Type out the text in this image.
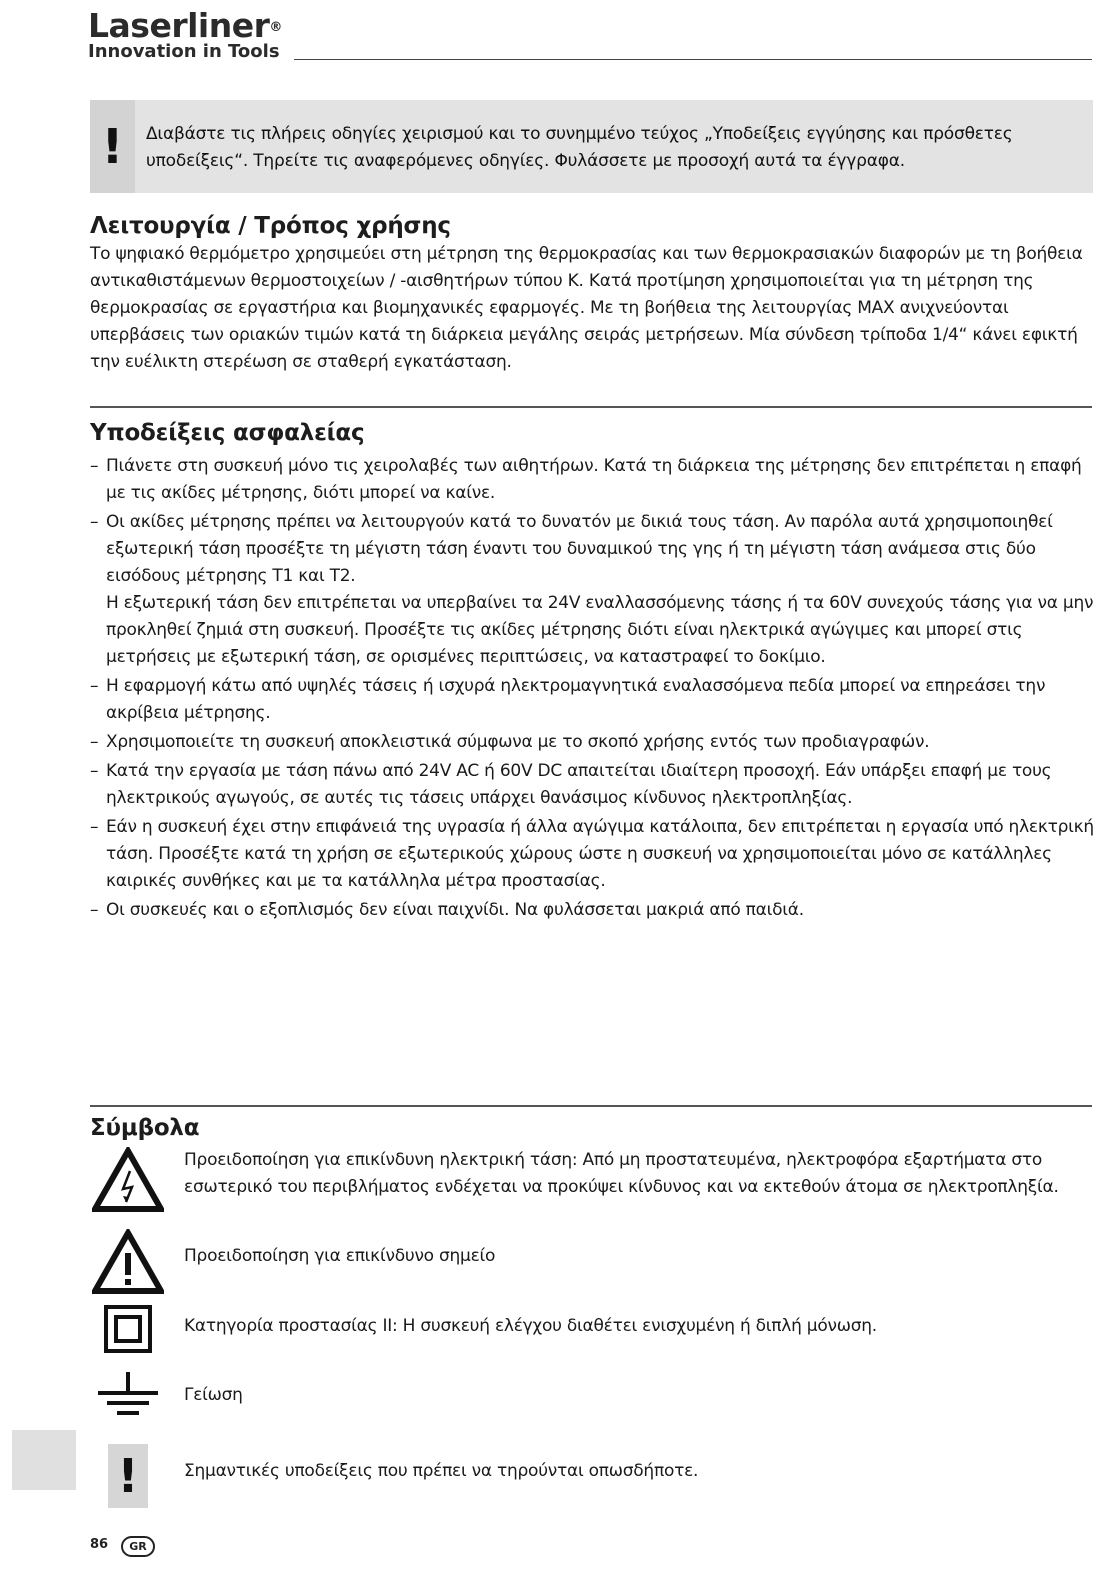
Laserliner®
Innovation in Tools
!	Διαβάστε τις πλήρεις οδηγίες χειρισμού και το συνημμένο τεύχος „Υποδείξεις εγγύησης και πρόσθετες υποδείξεις“. Τηρείτε τις αναφερόμενες οδηγίες. Φυλάσσετε με προσοχή αυτά τα έγγραφα.
Λειτουργία / Τρόπος χρήσης
Το ψηφιακό θερμόμετρο χρησιμεύει στη μέτρηση της θερμοκρασίας και των θερμοκρασιακών διαφορών με τη βοήθεια αντικαθιστάμενων θερμοστοιχείων / -αισθητήρων τύπου K. Κατά προτίμηση χρησιμοποιείται για τη μέτρηση της θερμοκρασίας σε εργαστήρια και βιομηχανικές εφαρμογές. Με τη βοήθεια της λειτουργίας MAX ανιχνεύονται υπερβάσεις των οριακών τιμών κατά τη διάρκεια μεγάλης σειράς μετρήσεων. Μία σύνδεση τρίποδα 1/4“ κάνει εφικτή την ευέλικτη στερέωση σε σταθερή εγκατάσταση.
Υποδείξεις ασφαλείας
– Πιάνετε στη συσκευή μόνο τις χειρολαβές των αιθητήρων. Κατά τη διάρκεια της μέτρησης δεν επιτρέπεται η επαφή με τις ακίδες μέτρησης, διότι μπορεί να καίνε.
– Οι ακίδες μέτρησης πρέπει να λειτουργούν κατά το δυνατόν με δικιά τους τάση. Αν παρόλα αυτά χρησιμοποιηθεί εξωτερική τάση προσέξτε τη μέγιστη τάση έναντι του δυναμικού της γης ή τη μέγιστη τάση ανάμεσα στις δύο εισόδους μέτρησης T1 και T2.
Η εξωτερική τάση δεν επιτρέπεται να υπερβαίνει τα 24V εναλλασσόμενης τάσης ή τα 60V συνεχούς τάσης για να μην προκληθεί ζημιά στη συσκευή. Προσέξτε τις ακίδες μέτρησης διότι είναι ηλεκτρικά αγώγιμες και μπορεί στις μετρήσεις με εξωτερική τάση, σε ορισμένες περιπτώσεις, να καταστραφεί το δοκίμιο.
– Η εφαρμογή κάτω από υψηλές τάσεις ή ισχυρά ηλεκτρομαγνητικά εναλασσόμενα πεδία μπορεί να επηρεάσει την ακρίβεια μέτρησης.
– Χρησιμοποιείτε τη συσκευή αποκλειστικά σύμφωνα με το σκοπό χρήσης εντός των προδιαγραφών.
– Κατά την εργασία με τάση πάνω από 24V AC ή 60V DC απαιτείται ιδιαίτερη προσοχή. Εάν υπάρξει επαφή με τους ηλεκτρικούς αγωγούς, σε αυτές τις τάσεις υπάρχει θανάσιμος κίνδυνος ηλεκτροπληξίας.
– Εάν η συσκευή έχει στην επιφάνειά της υγρασία ή άλλα αγώγιμα κατάλοιπα, δεν επιτρέπεται η εργασία υπό ηλεκτρική τάση. Προσέξτε κατά τη χρήση σε εξωτερικούς χώρους ώστε η συσκευή να χρησιμοποιείται μόνο σε κατάλληλες καιρικές συνθήκες και με τα κατάλληλα μέτρα προστασίας.
– Οι συσκευές και ο εξοπλισμός δεν είναι παιχνίδι. Να φυλάσσεται μακριά από παιδιά.
Σύμβολα
Προειδοποίηση για επικίνδυνη ηλεκτρική τάση: Από μη προστατευμένα, ηλεκτροφόρα εξαρτήματα στο εσωτερικό του περιβλήματος ενδέχεται να προκύψει κίνδυνος και να εκτεθούν άτομα σε ηλεκτροπληξία.
Προειδοποίηση για επικίνδυνο σημείο
Κατηγορία προστασίας II: Η συσκευή ελέγχου διαθέτει ενισχυμένη ή διπλή μόνωση.
Γείωση
!	Σημαντικές υποδείξεις που πρέπει να τηρούνται οπωσδήποτε.
86	GR
